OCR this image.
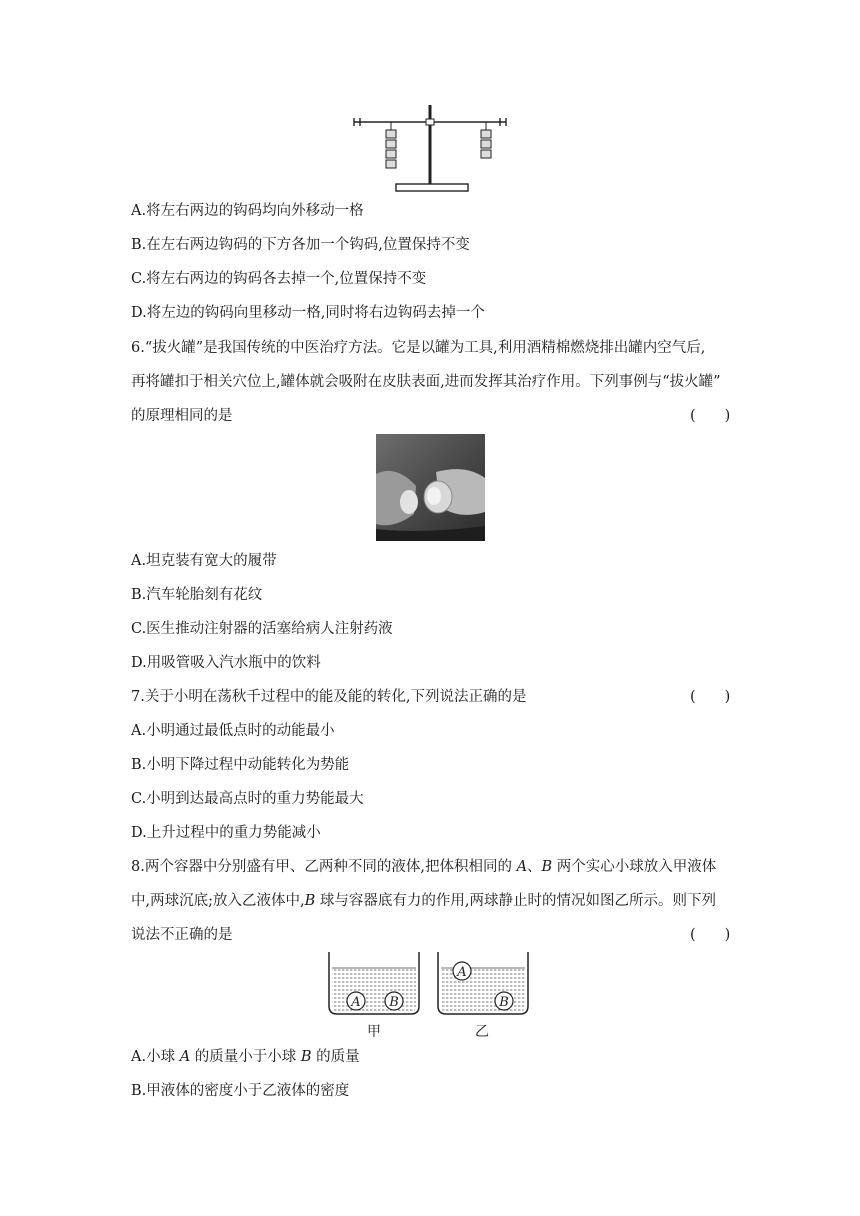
A.将左右两边的钩码均向外移动一格
B.在左右两边钩码的下方各加一个钩码,位置保持不变
C.将左右两边的钩码各去掉一个,位置保持不变
D.将左边的钩码向里移动一格,同时将右边钩码去掉一个
6.“拔火罐”是我国传统的中医治疗方法。它是以罐为工具,利用酒精棉燃烧排出罐内空气后,
再将罐扣于相关穴位上,罐体就会吸附在皮肤表面,进而发挥其治疗作用。下列事例与“拔火罐”
的原理相同的是	(　　)
A.坦克装有宽大的履带
B.汽车轮胎刻有花纹
C.医生推动注射器的活塞给病人注射药液
D.用吸管吸入汽水瓶中的饮料
7.关于小明在荡秋千过程中的能及能的转化,下列说法正确的是	(　　)
A.小明通过最低点时的动能最小
B.小明下降过程中动能转化为势能
C.小明到达最高点时的重力势能最大
D.上升过程中的重力势能减小
8.两个容器中分别盛有甲、乙两种不同的液体,把体积相同的 A、B 两个实心小球放入甲液体
中,两球沉底;放入乙液体中,B 球与容器底有力的作用,两球静止时的情况如图乙所示。则下列
说法不正确的是	(　　)
A B
甲
A
B
乙
A.小球 A 的质量小于小球 B 的质量
B.甲液体的密度小于乙液体的密度
